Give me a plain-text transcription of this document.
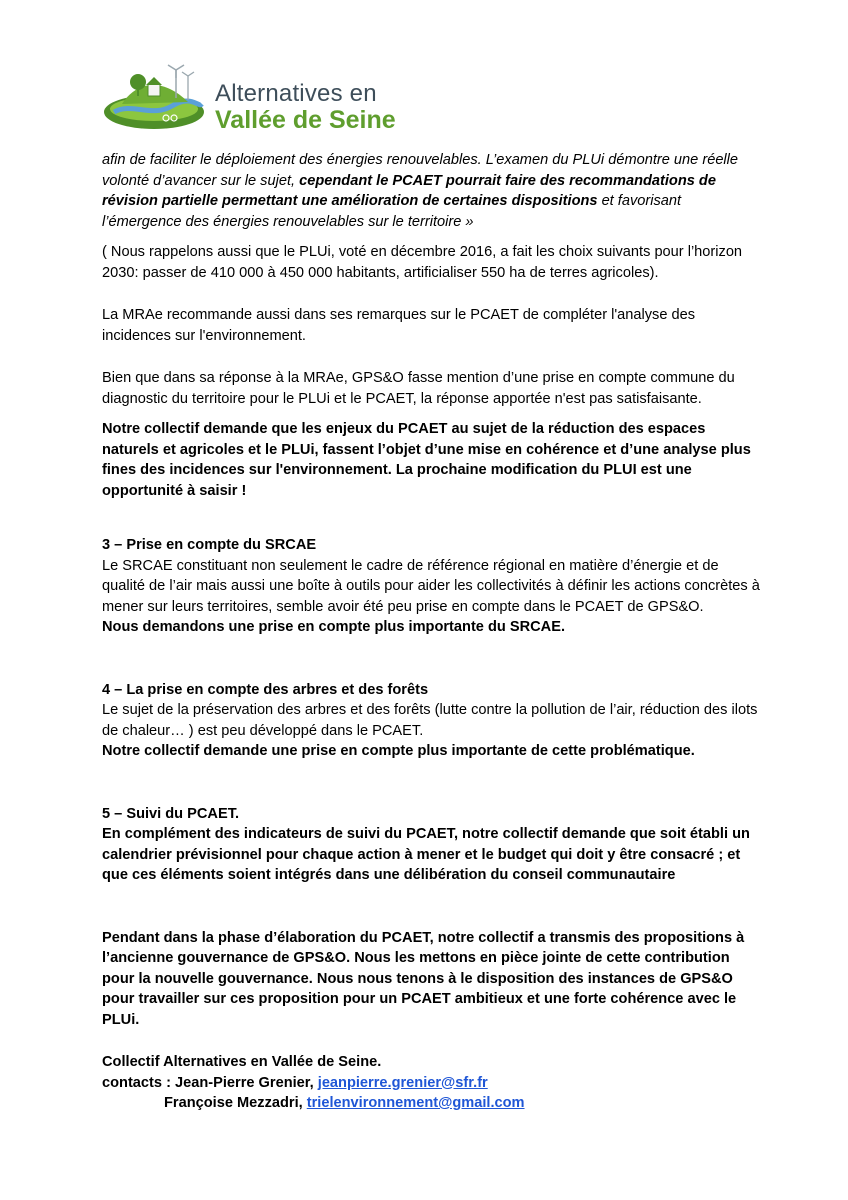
Alternatives en
Vallée de Seine

afin de faciliter le déploiement des énergies renouvelables. L’examen du PLUi démontre une réelle volonté d’avancer sur le sujet, cependant le PCAET pourrait faire des recommandations de révision partielle permettant une amélioration de certaines dispositions et favorisant l’émergence des énergies renouvelables sur le territoire »

( Nous rappelons aussi que le PLUi, voté en décembre 2016, a fait les choix suivants pour l’horizon 2030: passer de 410 000 à 450 000 habitants, artificialiser 550 ha de terres agricoles).

La MRAe recommande aussi dans ses remarques sur le PCAET de compléter l'analyse des incidences sur l'environnement.

Bien que dans sa réponse à la MRAe, GPS&O fasse mention d’une prise en compte commune du diagnostic du territoire pour le PLUi et le PCAET, la réponse apportée n'est pas satisfaisante.

Notre collectif demande que les enjeux du PCAET au sujet de la réduction des espaces naturels et agricoles et le PLUi, fassent l’objet d’une mise en cohérence et d’une analyse plus fines des incidences sur l'environnement. La prochaine modification du PLUI est une opportunité à saisir !

3 – Prise en compte du SRCAE

Le SRCAE constituant non seulement le cadre de référence régional en matière d’énergie et de qualité de l’air mais aussi une boîte à outils pour aider les collectivités à définir les actions concrètes à mener sur leurs territoires, semble avoir été peu prise en compte dans le PCAET de GPS&O.

Nous demandons une prise en compte plus importante du SRCAE.

4 – La prise en compte des arbres et des forêts

Le sujet de la préservation des arbres et des forêts (lutte contre la pollution de l’air, réduction des ilots de chaleur… ) est peu développé dans le PCAET.

Notre collectif demande une prise en compte plus importante de cette problématique.

5 – Suivi du PCAET.

En complément des indicateurs de suivi du PCAET, notre collectif demande que soit établi un calendrier prévisionnel pour chaque action à mener et le budget qui doit y être consacré ; et que ces éléments soient intégrés dans une délibération du conseil communautaire

Pendant dans la phase d’élaboration du PCAET, notre collectif a transmis des propositions à l’ancienne gouvernance de GPS&O. Nous les mettons en pièce jointe de cette contribution pour la nouvelle gouvernance. Nous nous tenons à le disposition des instances de GPS&O pour travailler sur ces proposition pour un PCAET ambitieux et une forte cohérence avec le PLUi.

Collectif Alternatives en Vallée de Seine.

contacts : Jean-Pierre Grenier, jeanpierre.grenier@sfr.fr

Françoise Mezzadri, trielenvironnement@gmail.com
